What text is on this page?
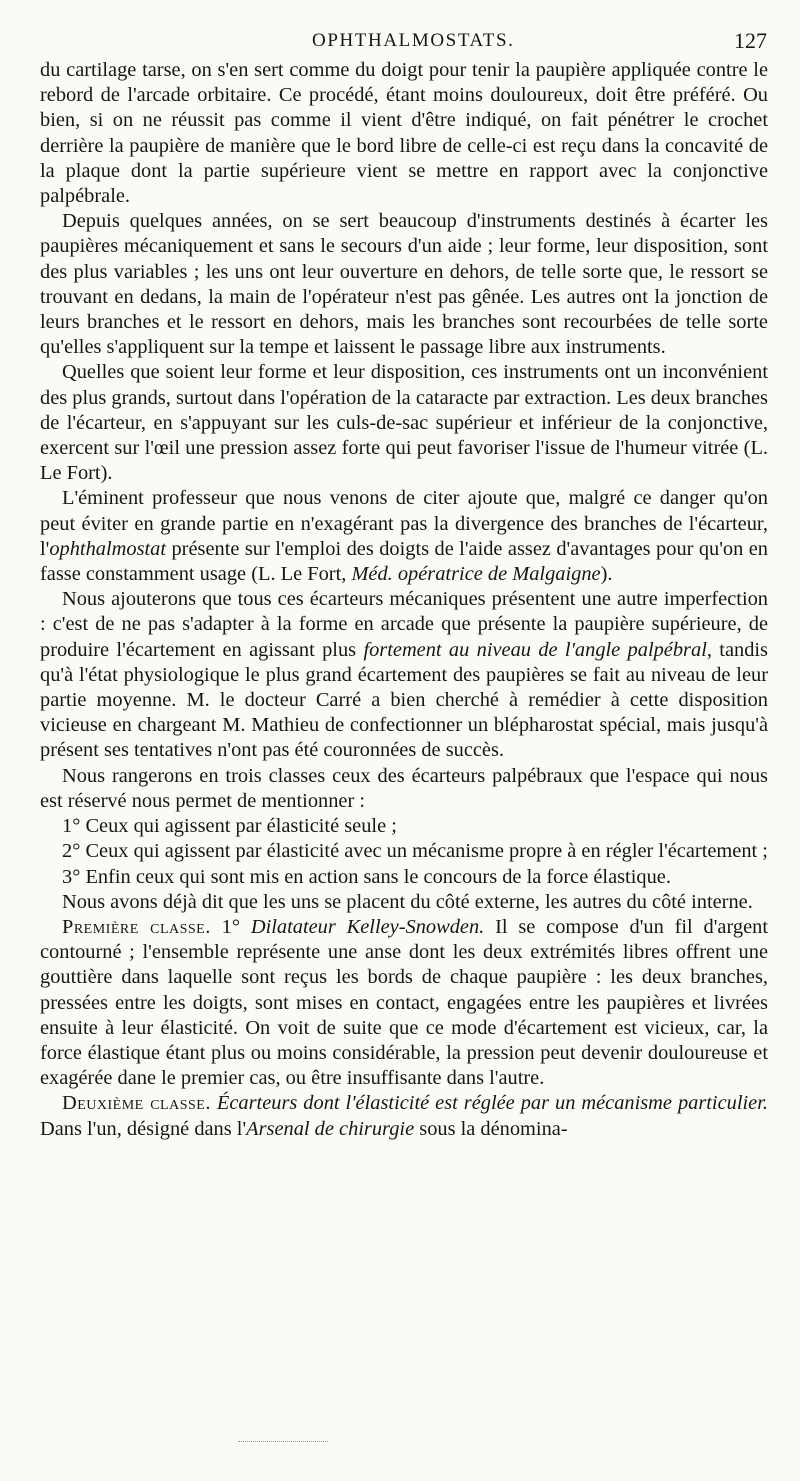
OPHTHALMOSTATS.	127

du cartilage tarse, on s'en sert comme du doigt pour tenir la paupière appliquée contre le rebord de l'arcade orbitaire. Ce procédé, étant moins douloureux, doit être préféré. Ou bien, si on ne réussit pas comme il vient d'être indiqué, on fait pénétrer le crochet derrière la paupière de manière que le bord libre de celle-ci est reçu dans la concavité de la plaque dont la partie supérieure vient se mettre en rapport avec la conjonctive palpébrale.

Depuis quelques années, on se sert beaucoup d'instruments destinés à écarter les paupières mécaniquement et sans le secours d'un aide ; leur forme, leur disposition, sont des plus variables ; les uns ont leur ouverture en dehors, de telle sorte que, le ressort se trouvant en dedans, la main de l'opérateur n'est pas gênée. Les autres ont la jonction de leurs branches et le ressort en dehors, mais les branches sont recourbées de telle sorte qu'elles s'appliquent sur la tempe et laissent le passage libre aux instruments.

Quelles que soient leur forme et leur disposition, ces instruments ont un inconvénient des plus grands, surtout dans l'opération de la cataracte par extraction. Les deux branches de l'écarteur, en s'appuyant sur les culs-de-sac supérieur et inférieur de la conjonctive, exercent sur l'œil une pression assez forte qui peut favoriser l'issue de l'humeur vitrée (L. Le Fort).

L'éminent professeur que nous venons de citer ajoute que, malgré ce danger qu'on peut éviter en grande partie en n'exagérant pas la divergence des branches de l'écarteur, l'ophthalmostat présente sur l'emploi des doigts de l'aide assez d'avantages pour qu'on en fasse constamment usage (L. Le Fort, Méd. opératrice de Malgaigne).

Nous ajouterons que tous ces écarteurs mécaniques présentent une autre imperfection : c'est de ne pas s'adapter à la forme en arcade que présente la paupière supérieure, de produire l'écartement en agissant plus fortement au niveau de l'angle palpébral, tandis qu'à l'état physiologique le plus grand écartement des paupières se fait au niveau de leur partie moyenne. M. le docteur Carré a bien cherché à remédier à cette disposition vicieuse en chargeant M. Mathieu de confectionner un blépharostat spécial, mais jusqu'à présent ses tentatives n'ont pas été couronnées de succès.

Nous rangerons en trois classes ceux des écarteurs palpébraux que l'espace qui nous est réservé nous permet de mentionner :

1° Ceux qui agissent par élasticité seule ;

2° Ceux qui agissent par élasticité avec un mécanisme propre à en régler l'écartement ;

3° Enfin ceux qui sont mis en action sans le concours de la force élastique.

Nous avons déjà dit que les uns se placent du côté externe, les autres du côté interne.

Première classe. 1° Dilatateur Kelley-Snowden. Il se compose d'un fil d'argent contourné ; l'ensemble représente une anse dont les deux extrémités libres offrent une gouttière dans laquelle sont reçus les bords de chaque paupière : les deux branches, pressées entre les doigts, sont mises en contact, engagées entre les paupières et livrées ensuite à leur élasticité. On voit de suite que ce mode d'écartement est vicieux, car, la force élastique étant plus ou moins considérable, la pression peut devenir douloureuse et exagérée dane le premier cas, ou être insuffisante dans l'autre.

Deuxième classe. Écarteurs dont l'élasticité est réglée par un mécanisme particulier. Dans l'un, désigné dans l'Arsenal de chirurgie sous la dénomina-
